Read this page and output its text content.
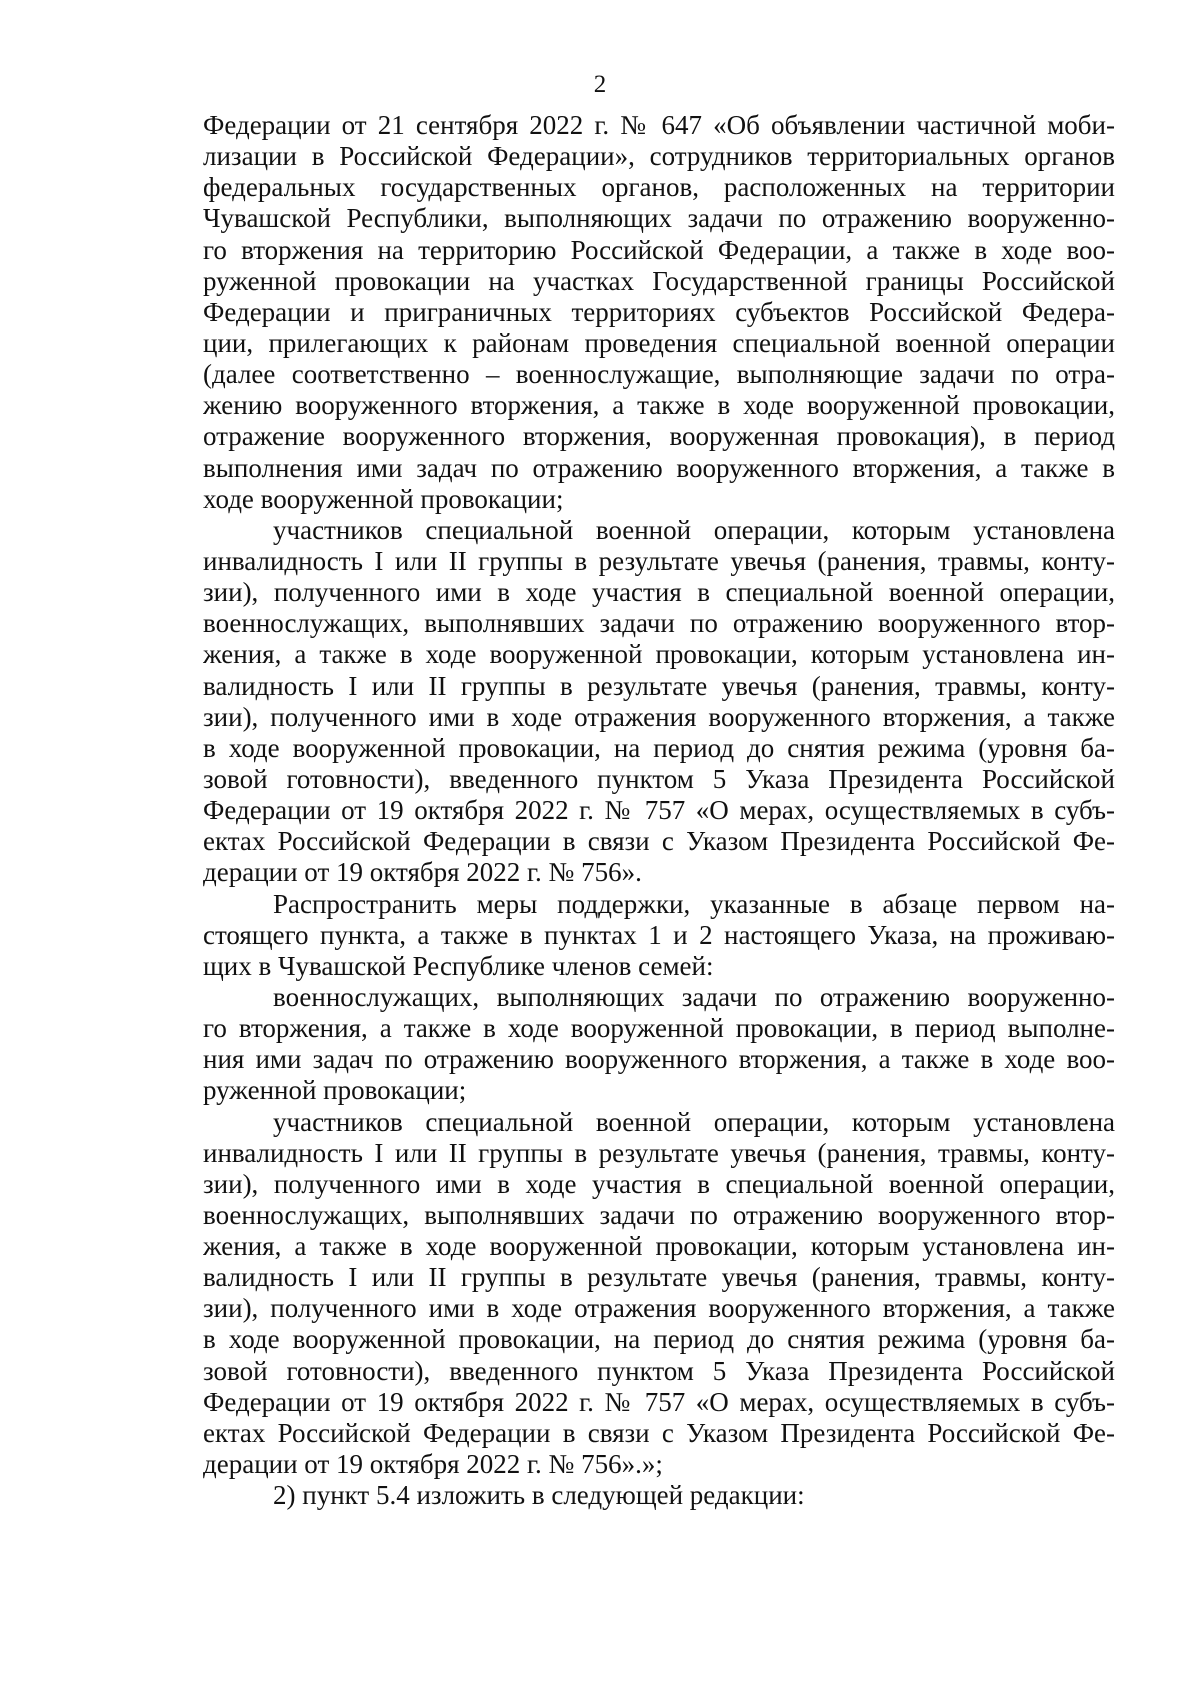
2
Федерации от 21 сентября 2022 г. № 647 «Об объявлении частичной моби-
лизации в Российской Федерации», сотрудников территориальных органов
федеральных государственных органов, расположенных на территории
Чувашской Республики, выполняющих задачи по отражению вооруженно-
го вторжения на территорию Российской Федерации, а также в ходе воо-
руженной провокации на участках Государственной границы Российской
Федерации и приграничных территориях субъектов Российской Федера-
ции, прилегающих к районам проведения специальной военной операции
(далее соответственно – военнослужащие, выполняющие задачи по отра-
жению вооруженного вторжения, а также в ходе вооруженной провокации,
отражение вооруженного вторжения, вооруженная провокация), в период
выполнения ими задач по отражению вооруженного вторжения, а также в
ходе вооруженной провокации;
участников специальной военной операции, которым установлена
инвалидность I или II группы в результате увечья (ранения, травмы, конту-
зии), полученного ими в ходе участия в специальной военной операции,
военнослужащих, выполнявших задачи по отражению вооруженного втор-
жения, а также в ходе вооруженной провокации, которым установлена ин-
валидность I или II группы в результате увечья (ранения, травмы, конту-
зии), полученного ими в ходе отражения вооруженного вторжения, а также
в ходе вооруженной провокации, на период до снятия режима (уровня ба-
зовой готовности), введенного пунктом 5 Указа Президента Российской
Федерации от 19 октября 2022 г. № 757 «О мерах, осуществляемых в субъ-
ектах Российской Федерации в связи с Указом Президента Российской Фе-
дерации от 19 октября 2022 г. № 756».
Распространить меры поддержки, указанные в абзаце первом на-
стоящего пункта, а также в пунктах 1 и 2 настоящего Указа, на проживаю-
щих в Чувашской Республике членов семей:
военнослужащих, выполняющих задачи по отражению вооруженно-
го вторжения, а также в ходе вооруженной провокации, в период выполне-
ния ими задач по отражению вооруженного вторжения, а также в ходе воо-
руженной провокации;
участников специальной военной операции, которым установлена
инвалидность I или II группы в результате увечья (ранения, травмы, конту-
зии), полученного ими в ходе участия в специальной военной операции,
военнослужащих, выполнявших задачи по отражению вооруженного втор-
жения, а также в ходе вооруженной провокации, которым установлена ин-
валидность I или II группы в результате увечья (ранения, травмы, конту-
зии), полученного ими в ходе отражения вооруженного вторжения, а также
в ходе вооруженной провокации, на период до снятия режима (уровня ба-
зовой готовности), введенного пунктом 5 Указа Президента Российской
Федерации от 19 октября 2022 г. № 757 «О мерах, осуществляемых в субъ-
ектах Российской Федерации в связи с Указом Президента Российской Фе-
дерации от 19 октября 2022 г. № 756».»;
2) пункт 5.4 изложить в следующей редакции:
